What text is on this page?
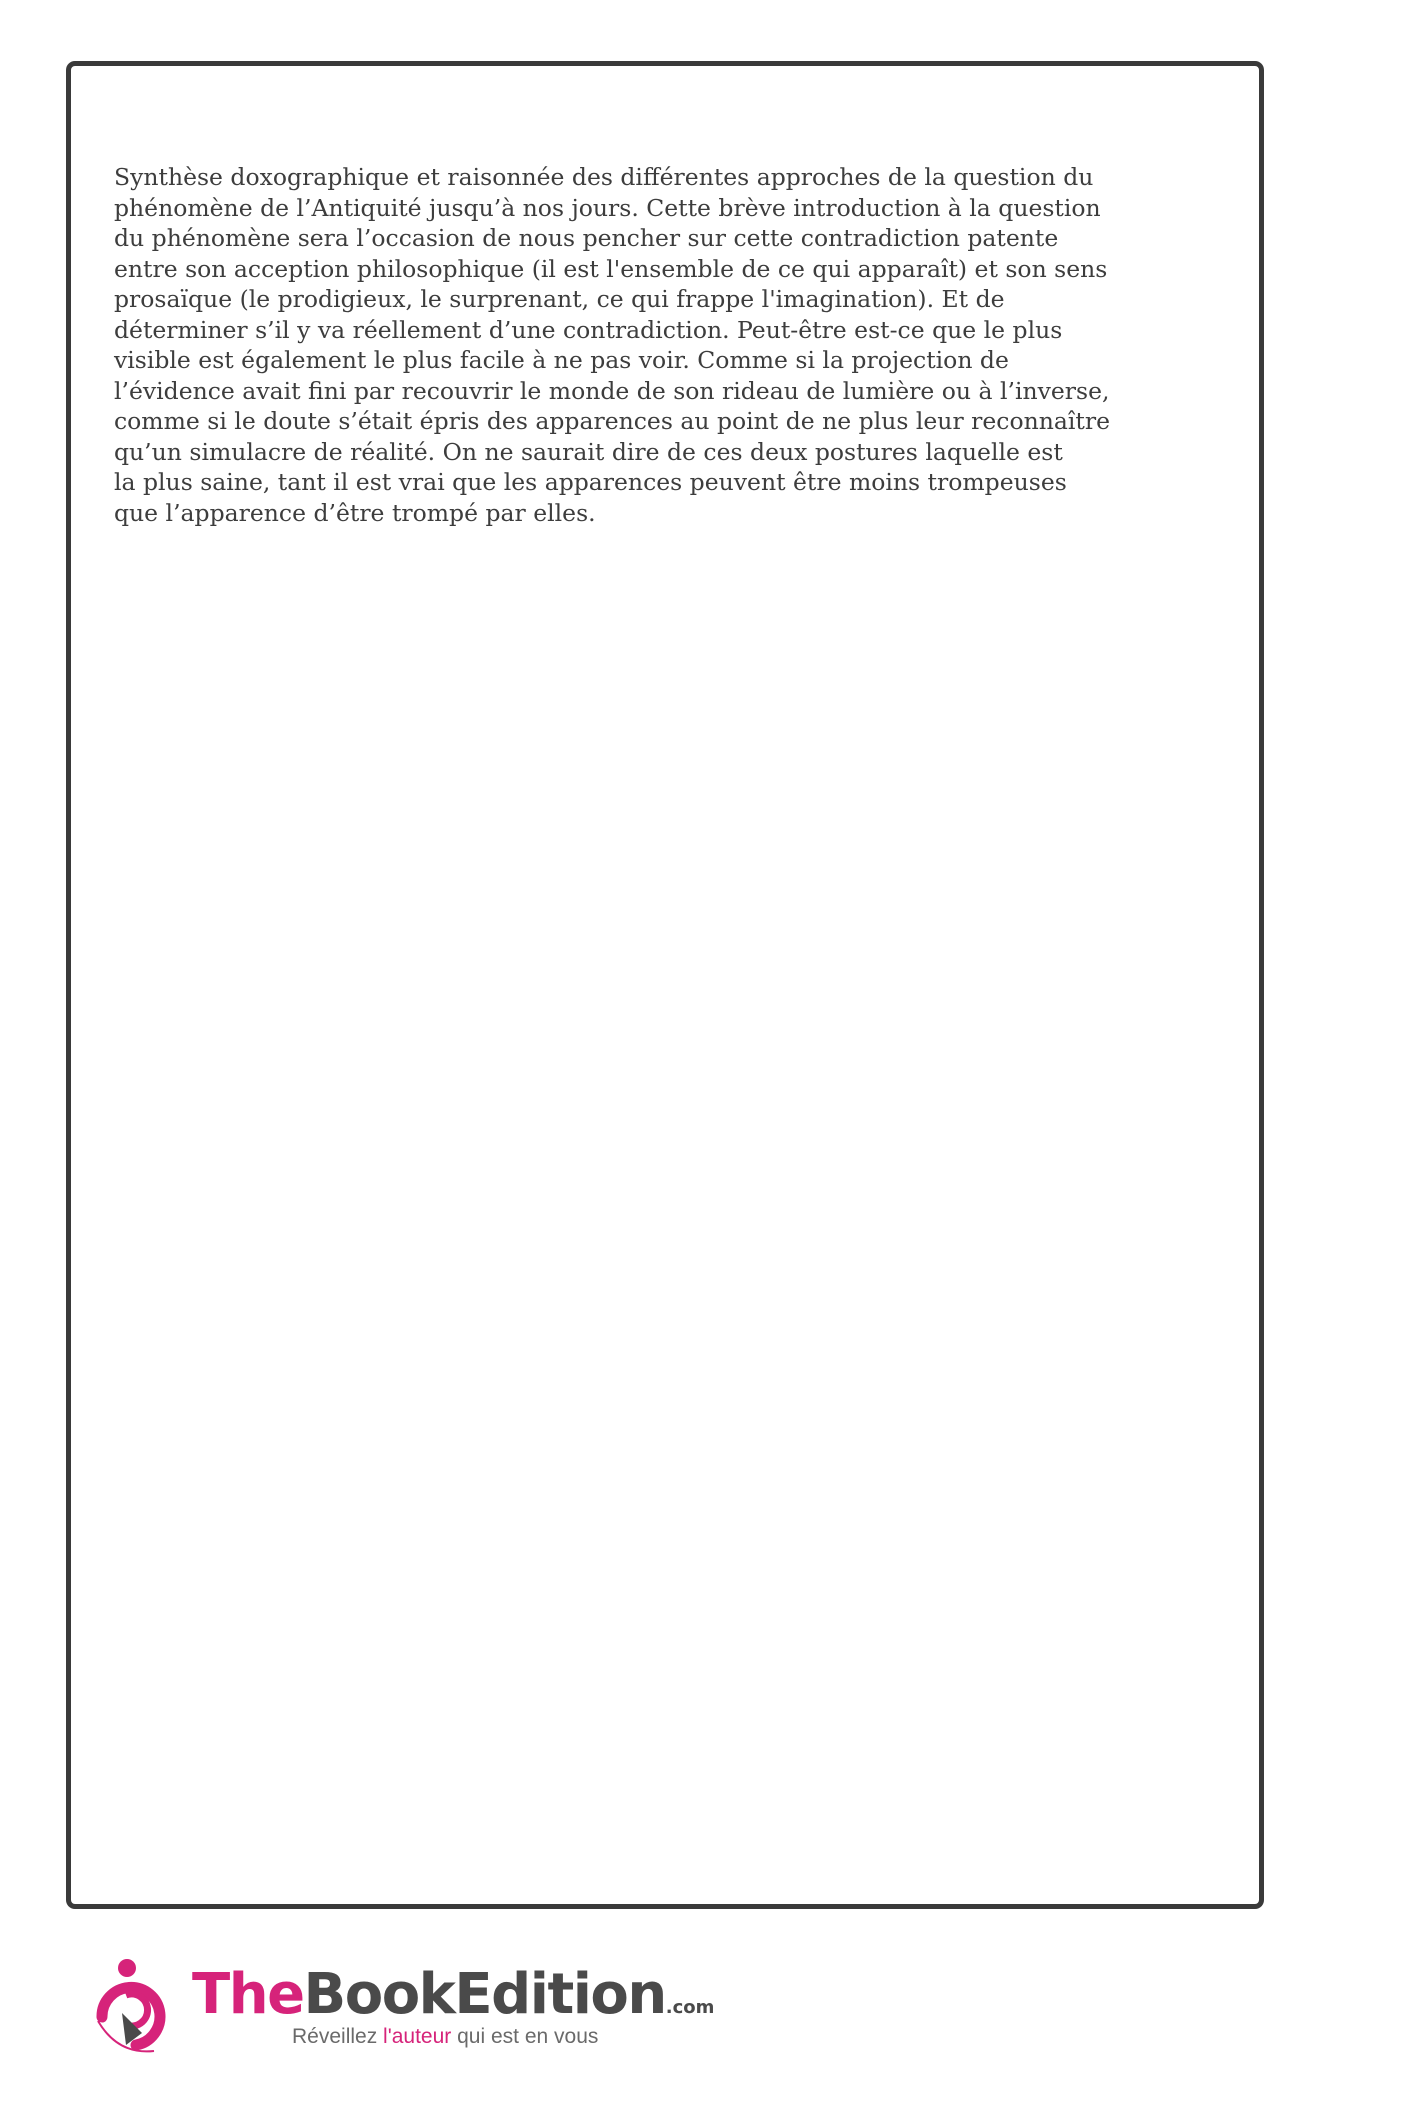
Synthèse doxographique et raisonnée des différentes approches de la question du
phénomène de l’Antiquité jusqu’à nos jours. Cette brève introduction à la question
du phénomène sera l’occasion de nous pencher sur cette contradiction patente
entre son acception philosophique (il est l'ensemble de ce qui apparaît) et son sens
prosaïque (le prodigieux, le surprenant, ce qui frappe l'imagination). Et de
déterminer s’il y va réellement d’une contradiction. Peut-être est-ce que le plus
visible est également le plus facile à ne pas voir. Comme si la projection de
l’évidence avait fini par recouvrir le monde de son rideau de lumière ou à l’inverse,
comme si le doute s’était épris des apparences au point de ne plus leur reconnaître
qu’un simulacre de réalité. On ne saurait dire de ces deux postures laquelle est
la plus saine, tant il est vrai que les apparences peuvent être moins trompeuses
que l’apparence d’être trompé par elles.
TheBookEdition.com
Réveillez l'auteur qui est en vous
